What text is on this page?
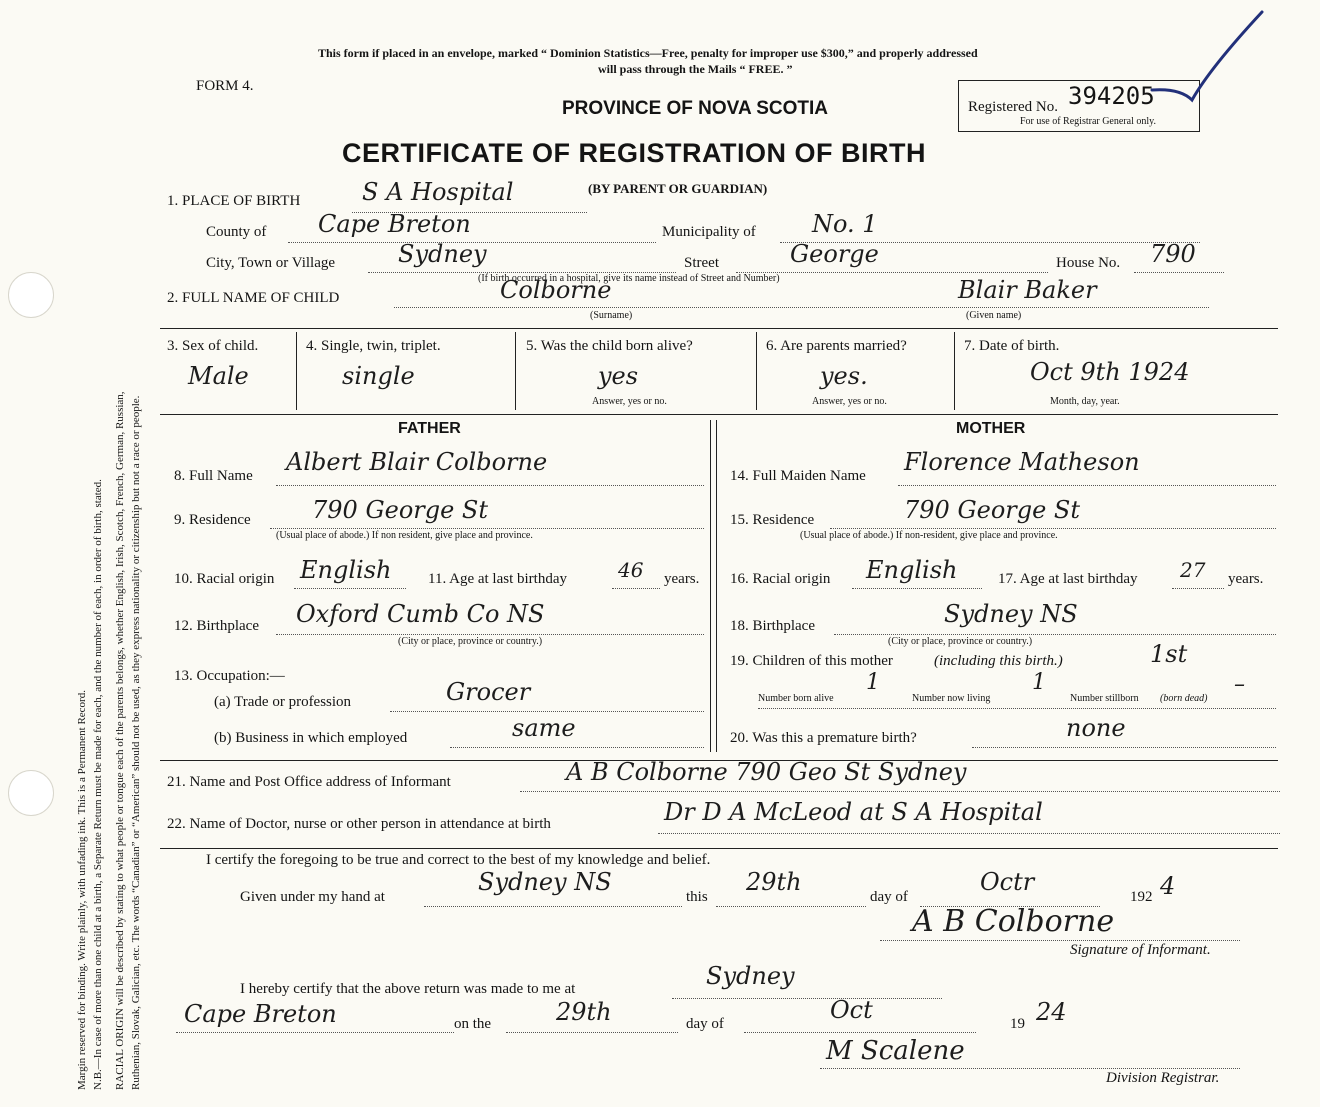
Margin reserved for binding. Write plainly, with unfading ink. This is a Permanent Record. N.B.—In case of more than one child at a birth, a Separate Return must be made for each, and the number of each, in order of birth, stated. RACIAL ORIGIN will be described by stating to what people or tongue each of the parents belongs, whether English, Irish, Scotch, French, German, Russian, Ruthenian, Slovak, Galician, etc. The words “Canadian” or “American” should not be used, as they express nationality or citizenship but not a race or people.
This form if placed in an envelope, marked “ Dominion Statistics—Free, penalty for improper use $300,” and properly addressed
will pass through the Mails “ FREE. ”
FORM 4.
PROVINCE OF NOVA SCOTIA	Registered No. 394205
For use of Registrar General only.
CERTIFICATE OF REGISTRATION OF BIRTH
(BY PARENT OR GUARDIAN)
1. PLACE OF BIRTH	S A Hospital
County of Cape Breton	Municipality of No. 1
City, Town or Village	Sydney	Street	George	House No. 790
(If birth occurred in a hospital, give its name instead of Street and Number)
2. FULL NAME OF CHILD	Colborne	Blair Baker
(Surname)	(Given name)
3. Sex of child.
Male
4. Single, twin, triplet.
single
5. Was the child born alive?
yes
Answer, yes or no.
6. Are parents married?
yes.
Answer, yes or no.
7. Date of birth.
Oct 9th 1924
Month, day, year.
FATHER	MOTHER
8. Full Name Albert Blair Colborne
9. Residence	790 George St
(Usual place of abode.) If non resident, give place and province.
10. Racial origin English 11. Age at last birthday	46 years.
12. Birthplace Oxford Cumb Co NS
(City or place, province or country.)
13. Occupation:—
(a) Trade or profession	Grocer
(b) Business in which employed	same
14. Full Maiden Name Florence Matheson
15. Residence	790 George St
(Usual place of abode.) If non-resident, give place and province.
16. Racial origin English	17. Age at last birthday 27 years.
18. Birthplace	Sydney NS
(City or place, province or country.)
19. Children of this mother	(including this birth.)	1st
Number born alive
1
Number now living
1
Number stillborn (born dead)
–
20. Was this a premature birth?	none
21. Name and Post Office address of Informant	A B Colborne 790 Geo St Sydney
22. Name of Doctor, nurse or other person in attendance at birth	Dr D A McLeod at S A Hospital
I certify the foregoing to be true and correct to the best of my knowledge and belief.
Given under my hand at
Sydney NS
this
29th
day of
Octr
192 4
A B Colborne
Signature of Informant.
I hereby certify that the above return was made to me at	Sydney
Cape Breton	on the	29th	day of	Oct	19 24
M Scalene
Division Registrar.
